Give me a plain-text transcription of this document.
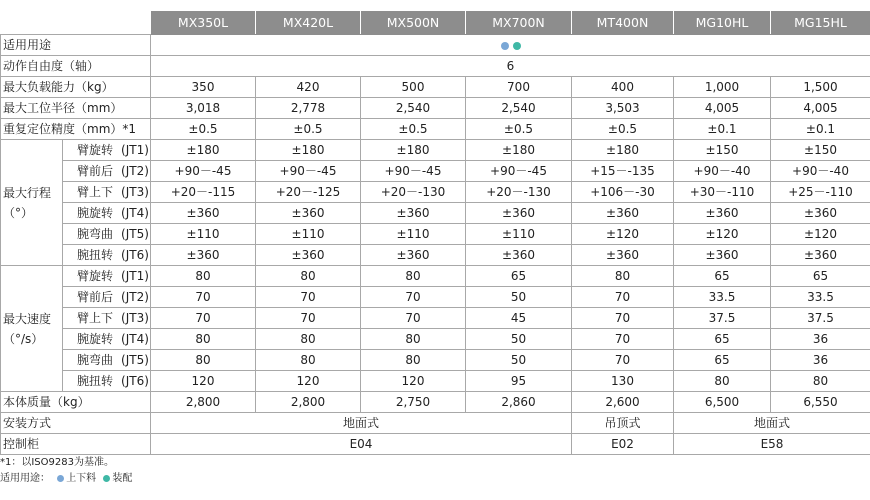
		MX350L	MX420L	MX500N	MX700N	MT400N	MG10HL	MG15HL
适用用途								
动作自由度（轴）		6						
最大负载能力（kg）		350	420	500	700	400	1,000	1,500
最大工位半径（mm）		3,018	2,778	2,540	2,540	3,503	4,005	4,005
重复定位精度（mm）*1		±0.5	±0.5	±0.5	±0.5	±0.5	±0.1	±0.1

最大行程
（°）	臂旋转 (JT1)	±180	±180	±180	±180	±180	±150	±150
	臂前后 (JT2)	+90－-45	+90－-45	+90－-45	+90－-45	+15－-135	+90－-40	+90－-40
	臂上下 (JT3)	+20－-115	+20－-125	+20－-130	+20－-130	+106－-30	+30－-110	+25－-110
	腕旋转 (JT4)	±360	±360	±360	±360	±360	±360	±360
	腕弯曲 (JT5)	±110	±110	±110	±110	±120	±120	±120
	腕扭转 (JT6)	±360	±360	±360	±360	±360	±360	±360

最大速度
（°/s）	臂旋转 (JT1)	80	80	80	65	80	65	65
	臂前后 (JT2)	70	70	70	50	70	33.5	33.5
	臂上下 (JT3)	70	70	70	45	70	37.5	37.5
	腕旋转 (JT4)	80	80	80	50	70	65	36
	腕弯曲 (JT5)	80	80	80	50	70	65	36
	腕扭转 (JT6)	120	120	120	95	130	80	80
本体质量（kg）		2,800	2,800	2,750	2,860	2,600	6,500	6,550
安装方式		地面式				吊顶式	地面式	
控制柜		E04				E02	E58	
*1：以ISO9283为基准。
适用用途： 上下料 装配
